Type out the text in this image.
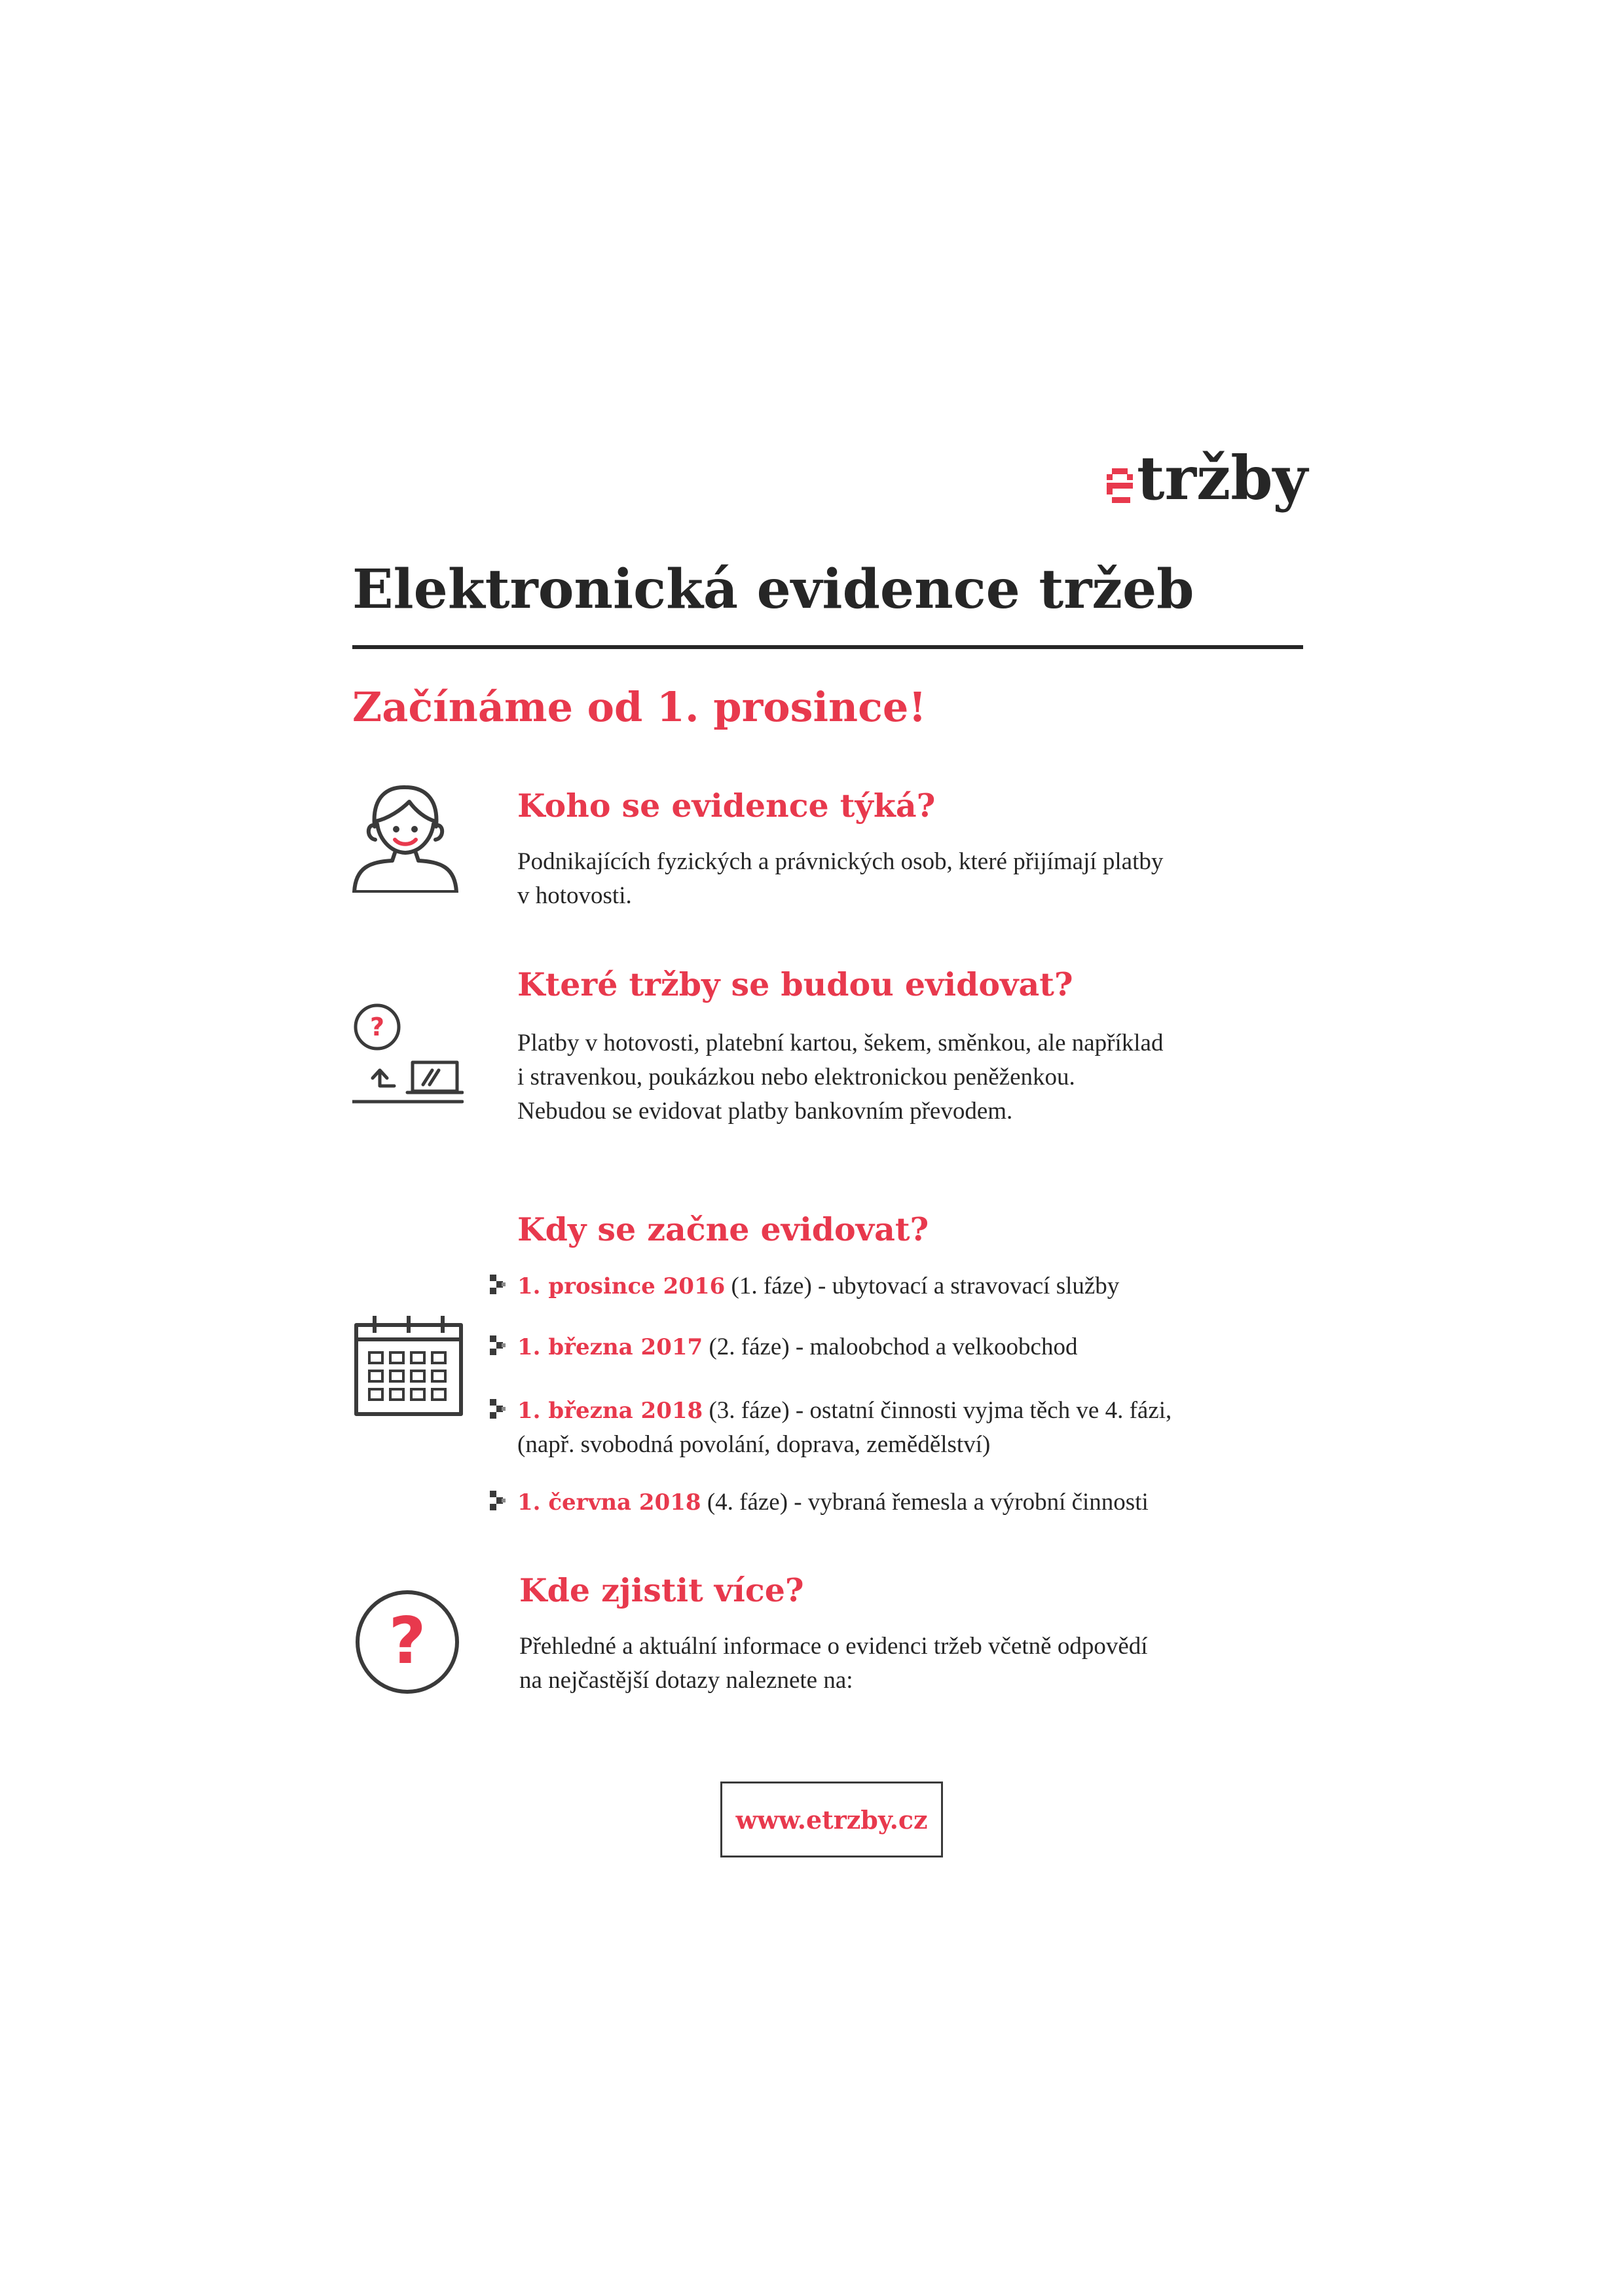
tržby
Elektronická evidence tržeb
Začínáme od 1. prosince!
Koho se evidence týká?

Podnikajících fyzických a právnických osob, které přijímají platby

v hotovosti.

?
Které tržby se budou evidovat?

Platby v hotovosti, platební kartou, šekem, směnkou, ale například

i stravenkou, poukázkou nebo elektronickou peněženkou.

Nebudou se evidovat platby bankovním převodem.

Kdy se začne evidovat?
1. prosince 2016 (1. fáze) - ubytovací a stravovací služby
1. března 2017 (2. fáze) - maloobchod a velkoobchod
1. března 2018 (3. fáze) - ostatní činnosti vyjma těch ve 4. fázi,
(např. svobodná povolání, doprava, zemědělství)
1. června 2018 (4. fáze) - vybraná řemesla a výrobní činnosti
?
Kde zjistit více?

Přehledné a aktuální informace o evidenci tržeb včetně odpovědí

na nejčastější dotazy naleznete na:

www.etrzby.cz
